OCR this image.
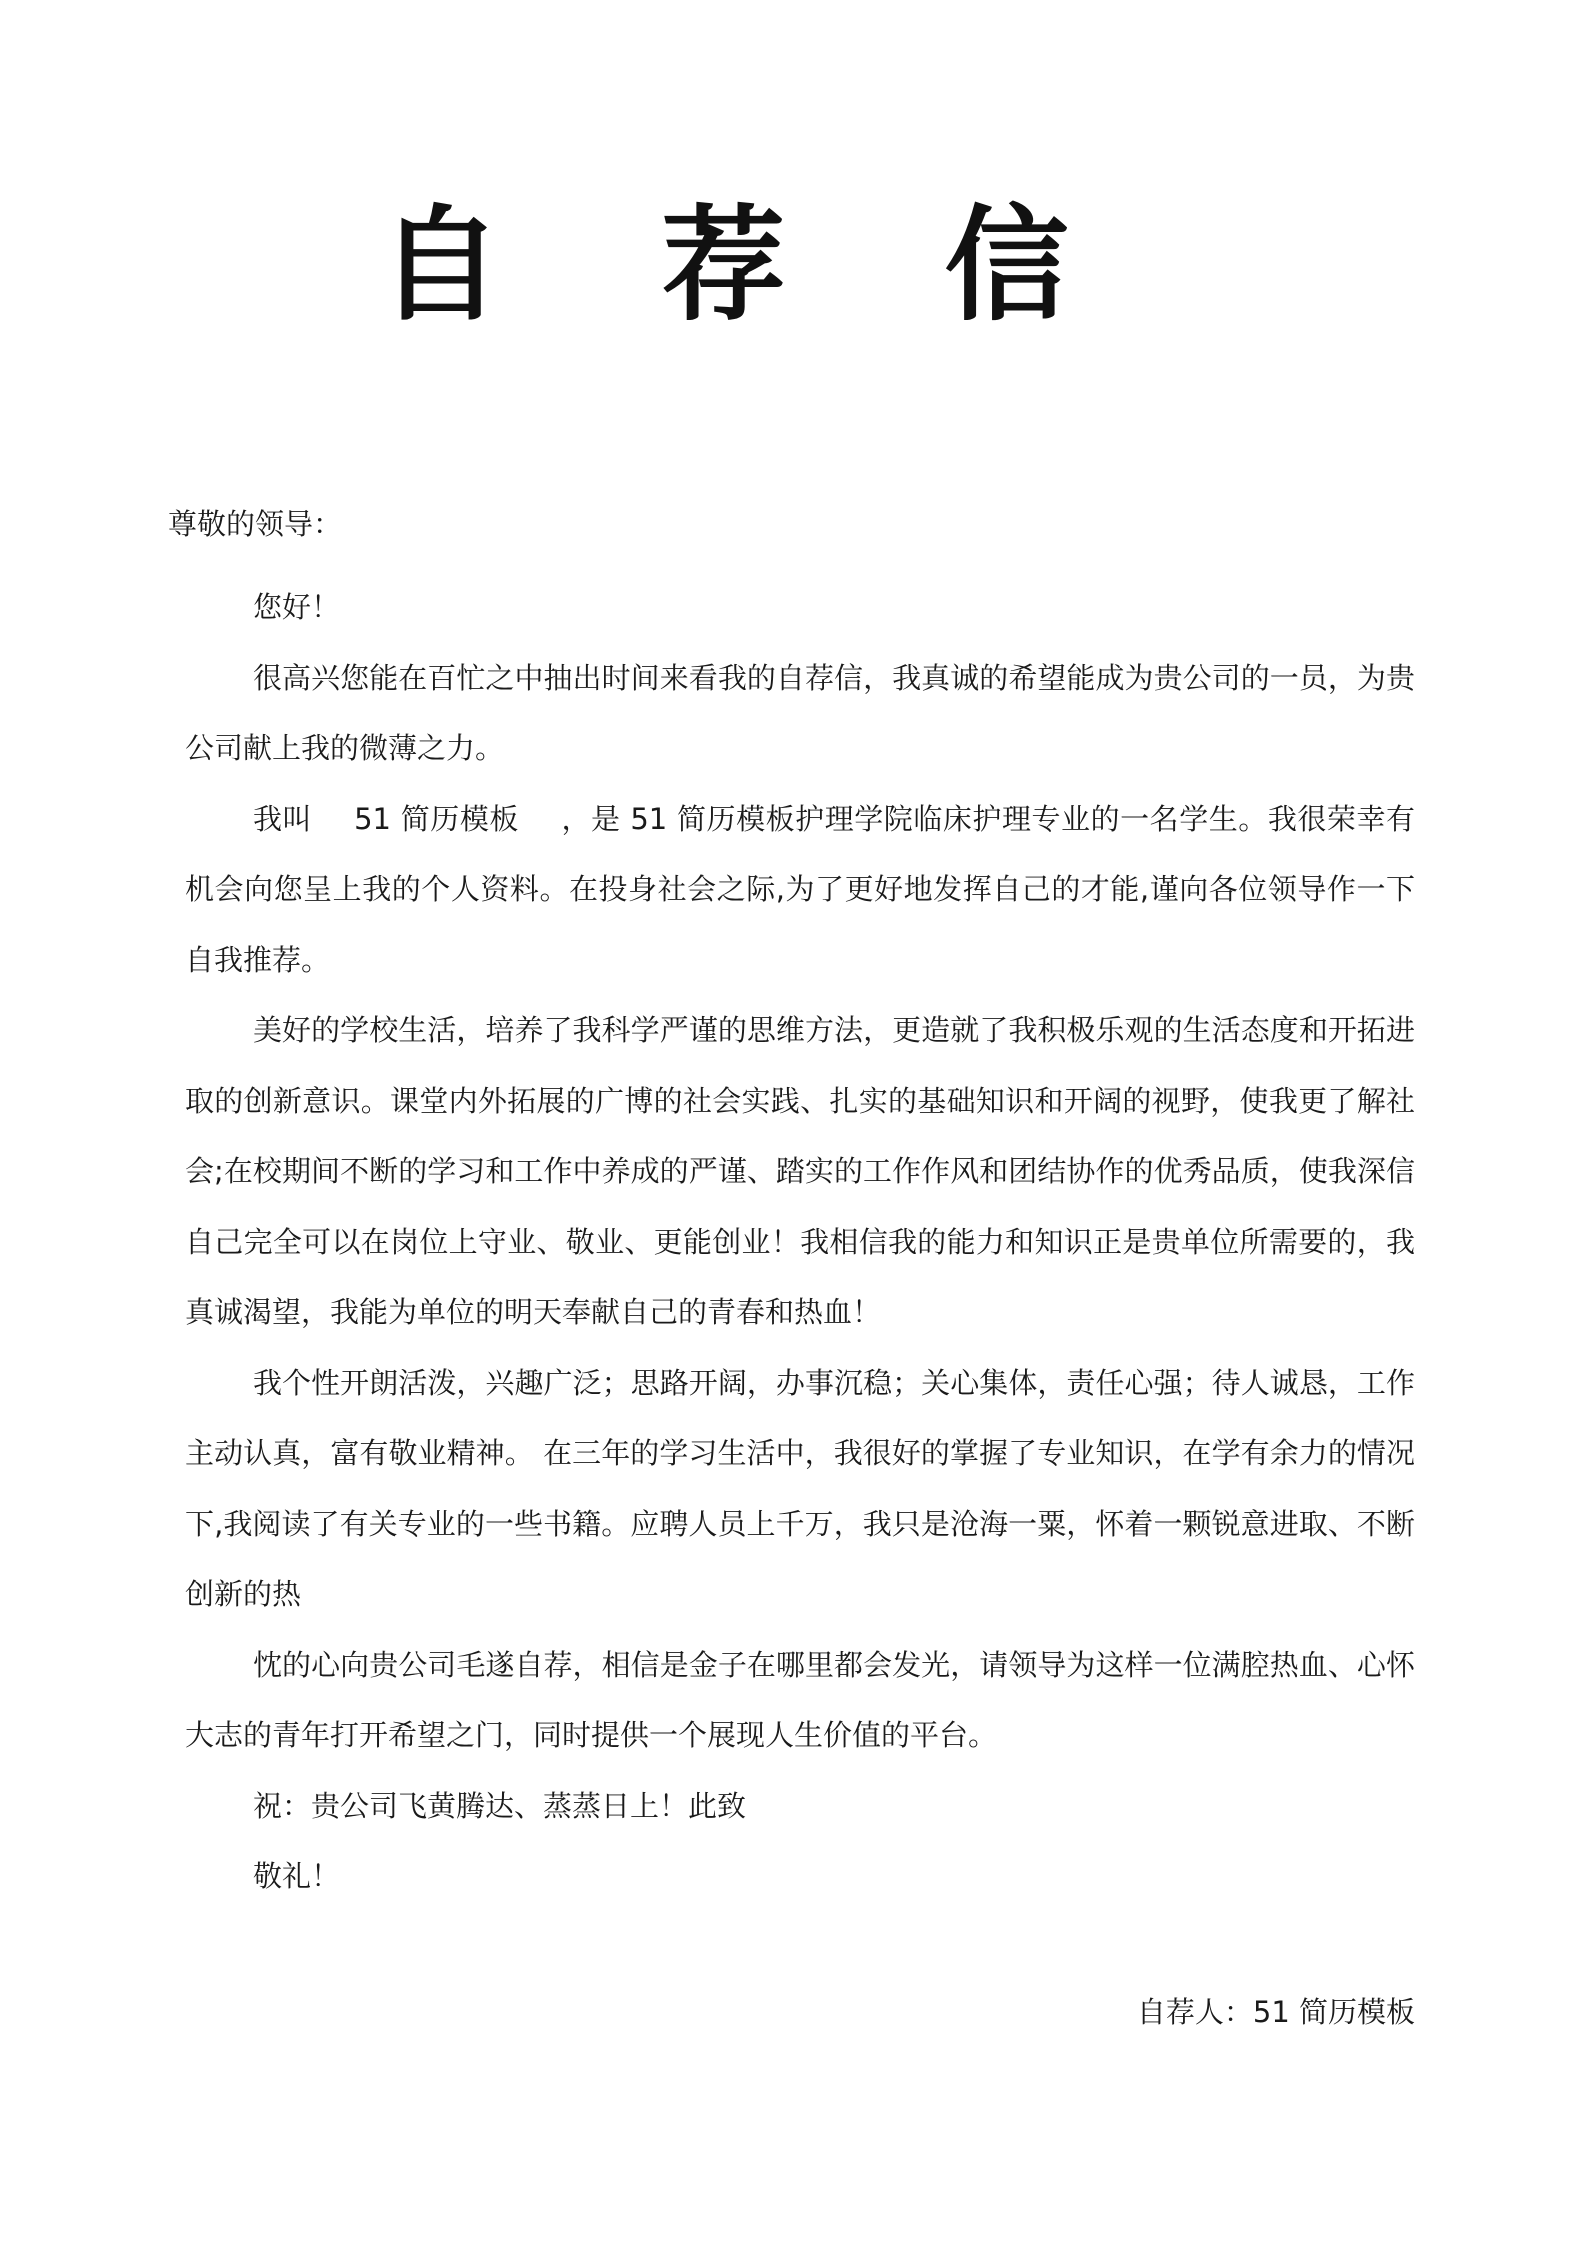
自 荐 信
尊敬的领导：

您好！

很高兴您能在百忙之中抽出时间来看我的自荐信，我真诚的希望能成为贵公司的一员，为贵公司献上我的微薄之力。

我叫 51 简历模板 ，是 51 简历模板护理学院临床护理专业的一名学生。我很荣幸有机会向您呈上我的个人资料。在投身社会之际,为了更好地发挥自己的才能,谨向各位领导作一下自我推荐。

美好的学校生活，培养了我科学严谨的思维方法，更造就了我积极乐观的生活态度和开拓进取的创新意识。课堂内外拓展的广博的社会实践、扎实的基础知识和开阔的视野，使我更了解社会;在校期间不断的学习和工作中养成的严谨、踏实的工作作风和团结协作的优秀品质，使我深信自己完全可以在岗位上守业、敬业、更能创业！我相信我的能力和知识正是贵单位所需要的，我真诚渴望，我能为单位的明天奉献自己的青春和热血！

我个性开朗活泼，兴趣广泛；思路开阔，办事沉稳；关心集体，责任心强；待人诚恳，工作主动认真，富有敬业精神。 在三年的学习生活中，我很好的掌握了专业知识，在学有余力的情况下,我阅读了有关专业的一些书籍。应聘人员上千万，我只是沧海一粟，怀着一颗锐意进取、不断创新的热

忱的心向贵公司毛遂自荐，相信是金子在哪里都会发光，请领导为这样一位满腔热血、心怀大志的青年打开希望之门，同时提供一个展现人生价值的平台。

祝：贵公司飞黄腾达、蒸蒸日上！此致

敬礼！

自荐人：51 简历模板
